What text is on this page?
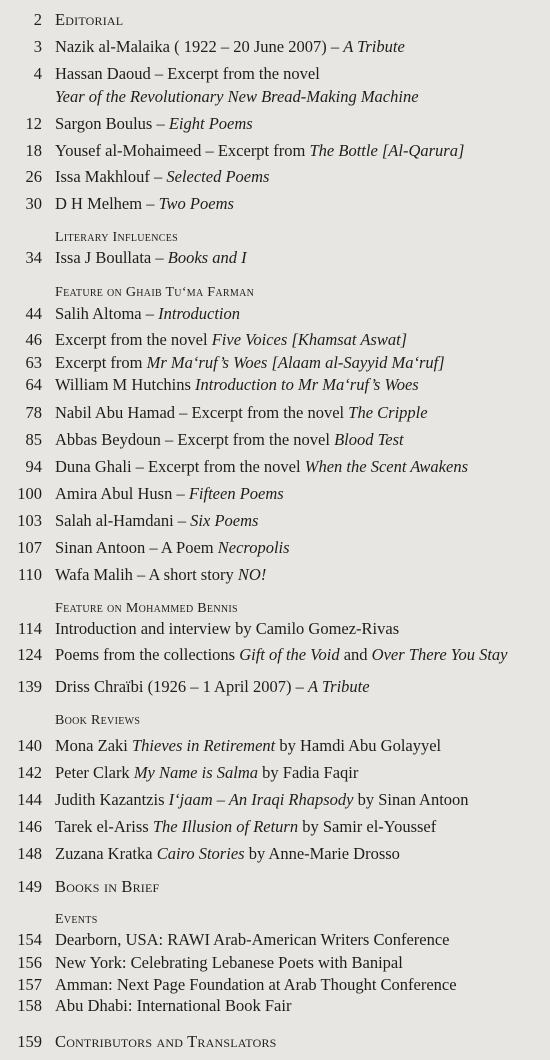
2 Editorial
3 Nazik al-Malaika ( 1922 – 20 June 2007) – A Tribute
4 Hassan Daoud – Excerpt from the novel
Year of the Revolutionary New Bread-Making Machine
12 Sargon Boulus – Eight Poems
18 Yousef al-Mohaimeed – Excerpt from The Bottle [Al-Qarura]
26 Issa Makhlouf – Selected Poems
30 D H Melhem – Two Poems
Literary Influences
34 Issa J Boullata – Books and I
Feature on Ghaib Tu‘ma Farman
44 Salih Altoma – Introduction
46 Excerpt from the novel Five Voices [Khamsat Aswat]
63 Excerpt from Mr Ma‘ruf’s Woes [Alaam al-Sayyid Ma‘ruf]
64 William M Hutchins Introduction to Mr Ma‘ruf’s Woes
78 Nabil Abu Hamad – Excerpt from the novel The Cripple
85 Abbas Beydoun – Excerpt from the novel Blood Test
94 Duna Ghali – Excerpt from the novel When the Scent Awakens
100 Amira Abul Husn – Fifteen Poems
103 Salah al-Hamdani – Six Poems
107 Sinan Antoon – A Poem Necropolis
110 Wafa Malih – A short story NO!
Feature on Mohammed Bennis
114 Introduction and interview by Camilo Gomez-Rivas
124 Poems from the collections Gift of the Void and Over There You Stay
139 Driss Chraïbi (1926 – 1 April 2007) – A Tribute
Book Reviews
140 Mona Zaki Thieves in Retirement by Hamdi Abu Golayyel
142 Peter Clark My Name is Salma by Fadia Faqir
144 Judith Kazantzis I‘jaam – An Iraqi Rhapsody by Sinan Antoon
146 Tarek el-Ariss The Illusion of Return by Samir el-Youssef
148 Zuzana Kratka Cairo Stories by Anne-Marie Drosso
149 Books in Brief
Events
154 Dearborn, USA: RAWI Arab-American Writers Conference
156 New York: Celebrating Lebanese Poets with Banipal
157 Amman: Next Page Foundation at Arab Thought Conference
158 Abu Dhabi: International Book Fair
159 Contributors and Translators
